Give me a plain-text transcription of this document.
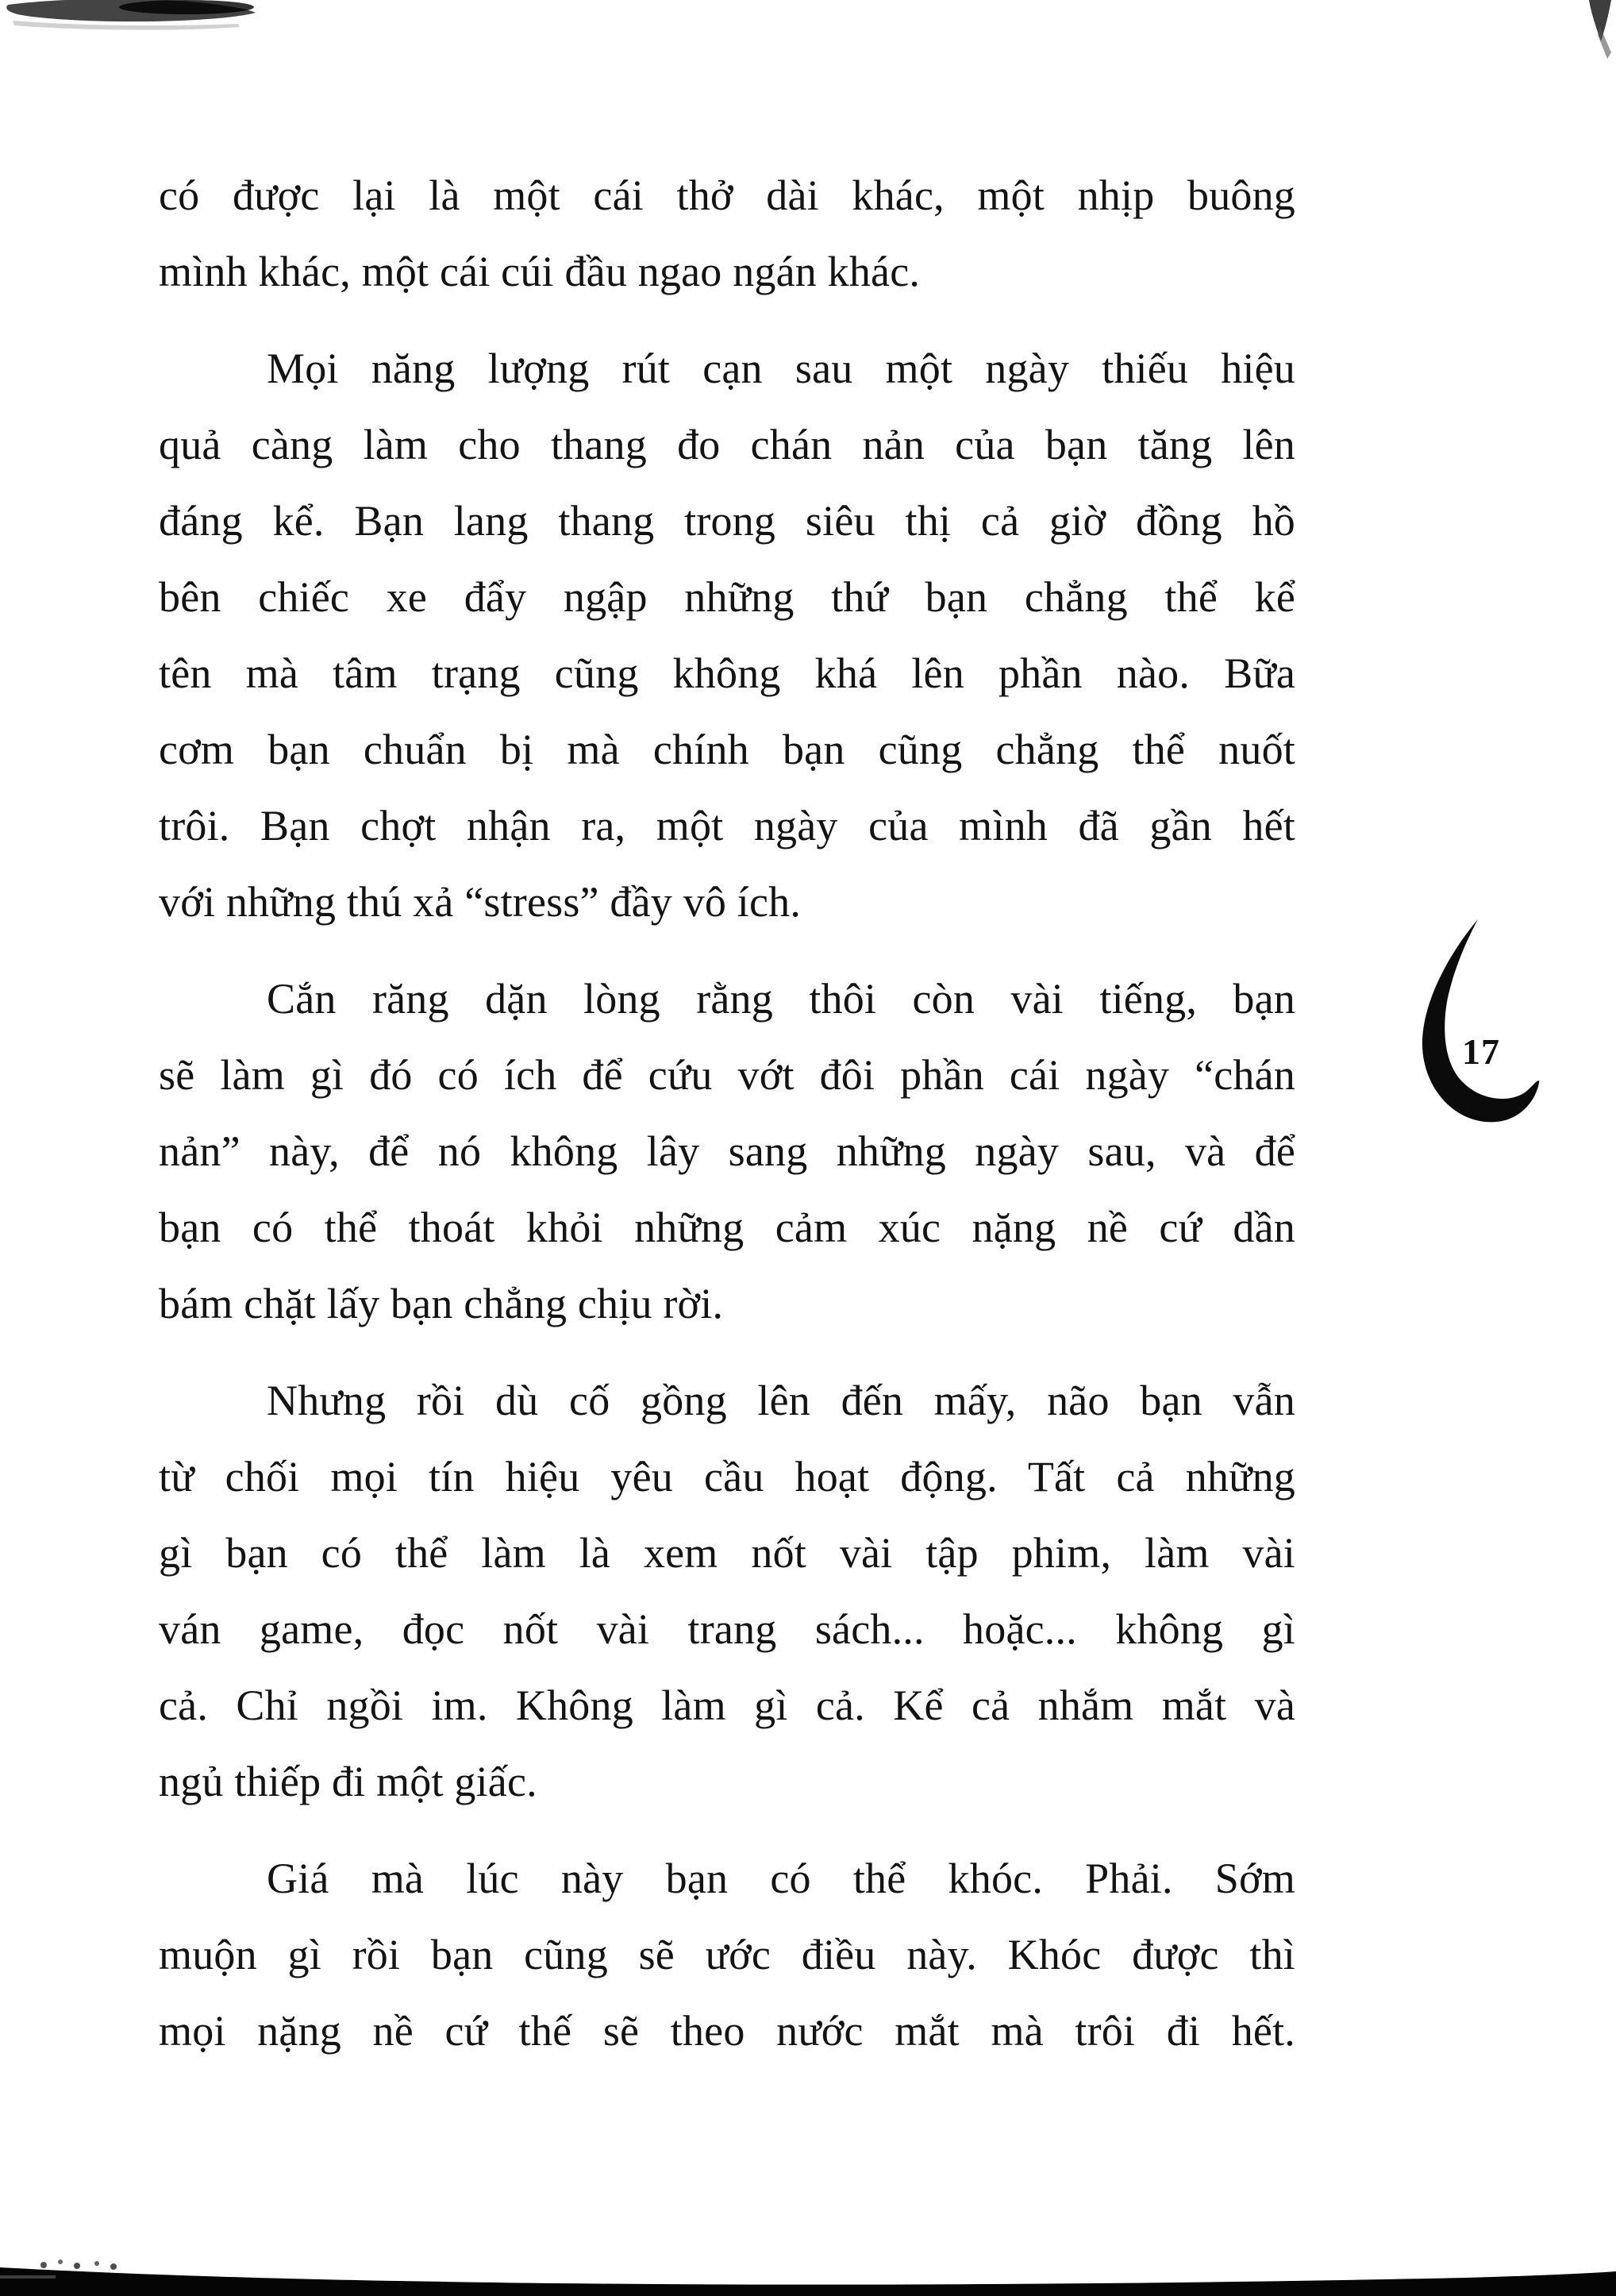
có được lại là một cái thở dài khác, một nhịp buông
mình khác, một cái cúi đầu ngao ngán khác.

Mọi năng lượng rút cạn sau một ngày thiếu hiệu
quả càng làm cho thang đo chán nản của bạn tăng lên
đáng kể. Bạn lang thang trong siêu thị cả giờ đồng hồ
bên chiếc xe đẩy ngập những thứ bạn chẳng thể kể
tên mà tâm trạng cũng không khá lên phần nào. Bữa
cơm bạn chuẩn bị mà chính bạn cũng chẳng thể nuốt
trôi. Bạn chợt nhận ra, một ngày của mình đã gần hết
với những thú xả “stress” đầy vô ích.

Cắn răng dặn lòng rằng thôi còn vài tiếng, bạn
sẽ làm gì đó có ích để cứu vớt đôi phần cái ngày “chán
nản” này, để nó không lây sang những ngày sau, và để
bạn có thể thoát khỏi những cảm xúc nặng nề cứ dần
bám chặt lấy bạn chẳng chịu rời.

Nhưng rồi dù cố gồng lên đến mấy, não bạn vẫn
từ chối mọi tín hiệu yêu cầu hoạt động. Tất cả những
gì bạn có thể làm là xem nốt vài tập phim, làm vài
ván game, đọc nốt vài trang sách... hoặc... không gì
cả. Chỉ ngồi im. Không làm gì cả. Kể cả nhắm mắt và
ngủ thiếp đi một giấc.

Giá mà lúc này bạn có thể khóc. Phải. Sớm
muộn gì rồi bạn cũng sẽ ước điều này. Khóc được thì
mọi nặng nề cứ thế sẽ theo nước mắt mà trôi đi hết.

17
